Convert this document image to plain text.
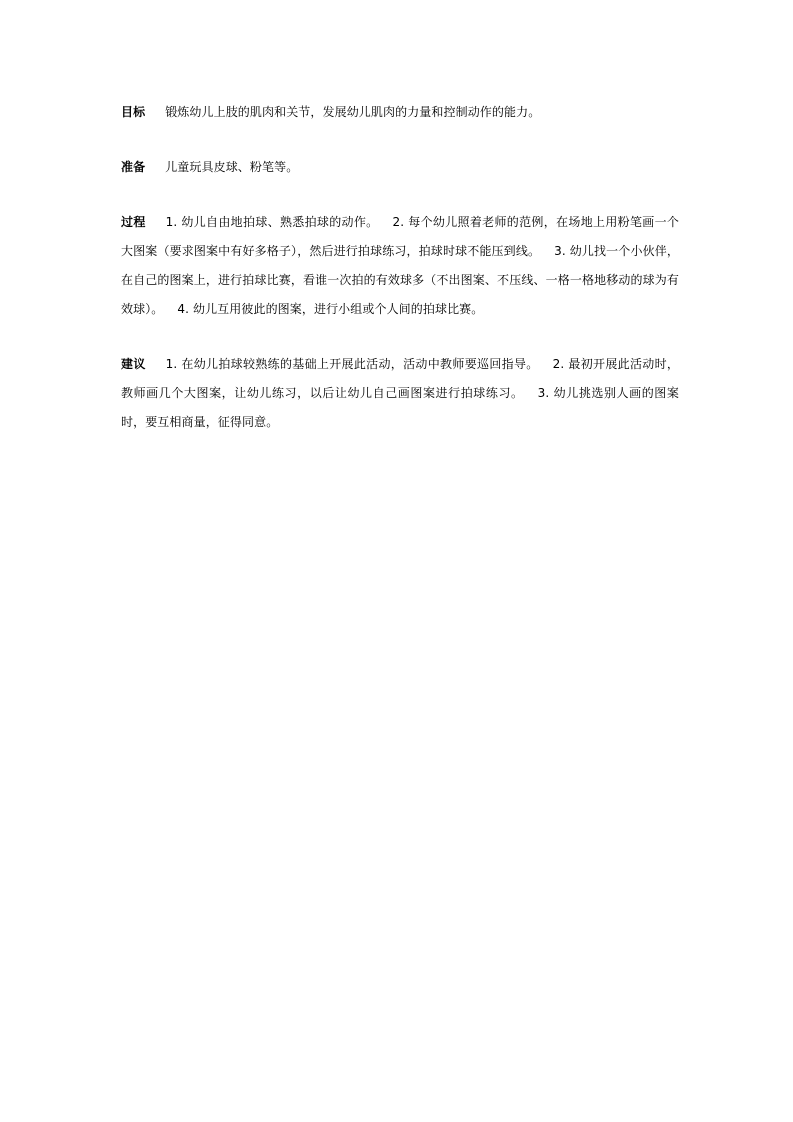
目标 锻炼幼儿上肢的肌肉和关节，发展幼儿肌肉的力量和控制动作的能力。

准备 儿童玩具皮球、粉笔等。

过程 1. 幼儿自由地拍球、熟悉拍球的动作。 2. 每个幼儿照着老师的范例，在场地上用粉笔画一个大图案（要求图案中有好多格子），然后进行拍球练习，拍球时球不能压到线。 3. 幼儿找一个小伙伴，在自己的图案上，进行拍球比赛，看谁一次拍的有效球多（不出图案、不压线、一格一格地移动的球为有效球）。 4. 幼儿互用彼此的图案，进行小组或个人间的拍球比赛。

建议 1. 在幼儿拍球较熟练的基础上开展此活动，活动中教师要巡回指导。 2. 最初开展此活动时，教师画几个大图案，让幼儿练习，以后让幼儿自己画图案进行拍球练习。 3. 幼儿挑选别人画的图案时，要互相商量，征得同意。
